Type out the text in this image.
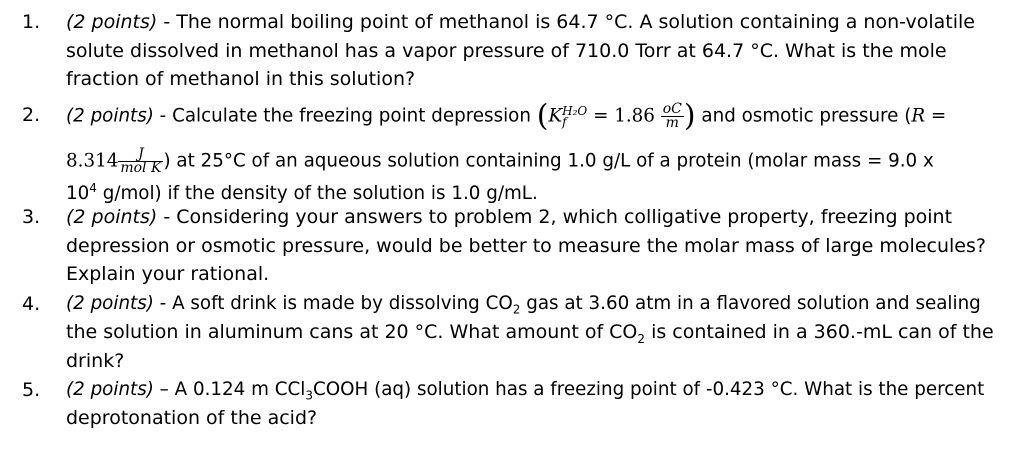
1. (2 points) - The normal boiling point of methanol is 64.7 °C. A solution containing a non-volatile
solute dissolved in methanol has a vapor pressure of 710.0 Torr at 64.7 °C. What is the mole
fraction of methanol in this solution?
2. (2 points) - Calculate the freezing point depression (K H₂O
f	= $1.86 \frac{oC}{m}$ ) and osmotic pressure (R =
$8.314 \frac{J}{\text{mol K}}$ ) at 25°C of an aqueous solution containing 1.0 g/L of a protein (molar mass = 9.0 x
$10^4$ g/mol) if the density of the solution is 1.0 g/mL.
3. (2 points) - Considering your answers to problem 2, which colligative property, freezing point
depression or osmotic pressure, would be better to measure the molar mass of large molecules?
Explain your rational.
4. (2 points) - A soft drink is made by dissolving $CO_2$ gas at 3.60 atm in a flavored solution and sealing
the solution in aluminum cans at 20 °C. What amount of $CO_2$ is contained in a 360.-mL can of the
drink?
5. (2 points) – A 0.124 m CCl$_3$COOH (aq) solution has a freezing point of -0.423 °C. What is the percent
deprotonation of the acid?
